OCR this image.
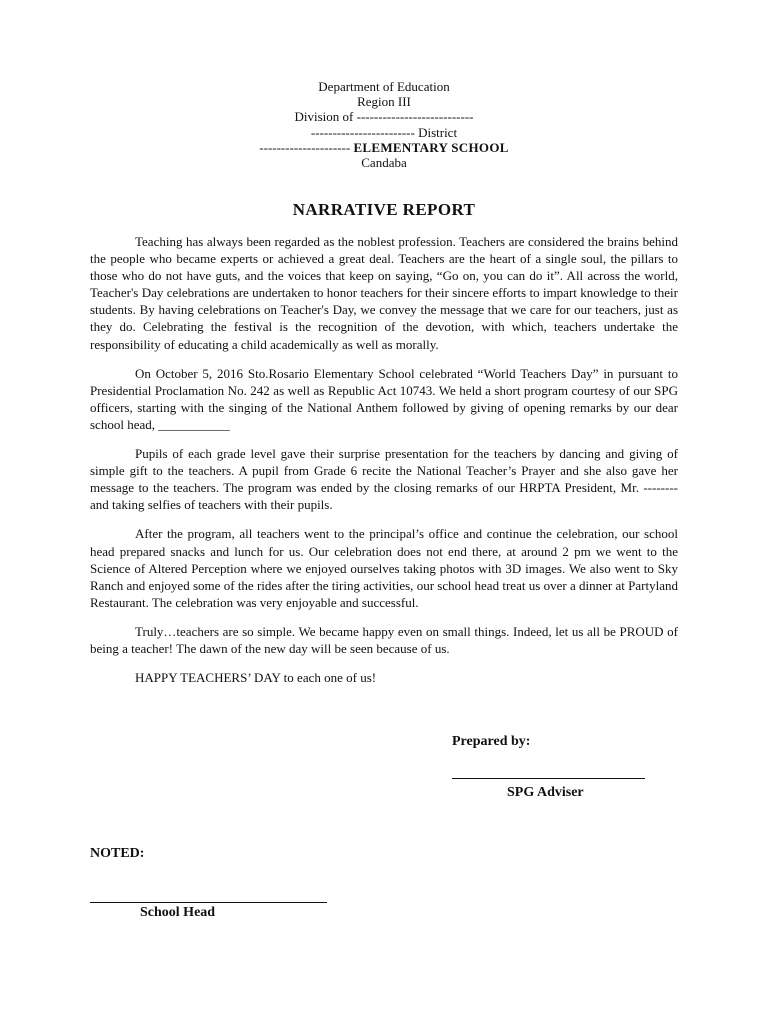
Department of Education
Region III
Division of ---------------------------
------------------------ District
--------------------- ELEMENTARY SCHOOL
Candaba
NARRATIVE REPORT

Teaching has always been regarded as the noblest profession. Teachers are considered the brains behind the people who became experts or achieved a great deal. Teachers are the heart of a single soul, the pillars to those who do not have guts, and the voices that keep on saying, “Go on, you can do it”. All across the world, Teacher's Day celebrations are undertaken to honor teachers for their sincere efforts to impart knowledge to their students. By having celebrations on Teacher's Day, we convey the message that we care for our teachers, just as they do. Celebrating the festival is the recognition of the devotion, with which, teachers undertake the responsibility of educating a child academically as well as morally.

On October 5, 2016 Sto.Rosario Elementary School celebrated “World Teachers Day” in pursuant to Presidential Proclamation No. 242 as well as Republic Act 10743. We held a short program courtesy of our SPG officers, starting with the singing of the National Anthem followed by giving of opening remarks by our dear school head, ___________

Pupils of each grade level gave their surprise presentation for the teachers by dancing and giving of simple gift to the teachers. A pupil from Grade 6 recite the National Teacher’s Prayer and she also gave her message to the teachers. The program was ended by the closing remarks of our HRPTA President, Mr. -------- and taking selfies of teachers with their pupils.

After the program, all teachers went to the principal’s office and continue the celebration, our school head prepared snacks and lunch for us. Our celebration does not end there, at around 2 pm we went to the Science of Altered Perception where we enjoyed ourselves taking photos with 3D images. We also went to Sky Ranch and enjoyed some of the rides after the tiring activities, our school head treat us over a dinner at Partyland Restaurant. The celebration was very enjoyable and successful.

Truly…teachers are so simple. We became happy even on small things. Indeed, let us all be PROUD of being a teacher! The dawn of the new day will be seen because of us.

HAPPY TEACHERS’ DAY to each one of us!

Prepared by:
SPG Adviser
NOTED:
School Head
